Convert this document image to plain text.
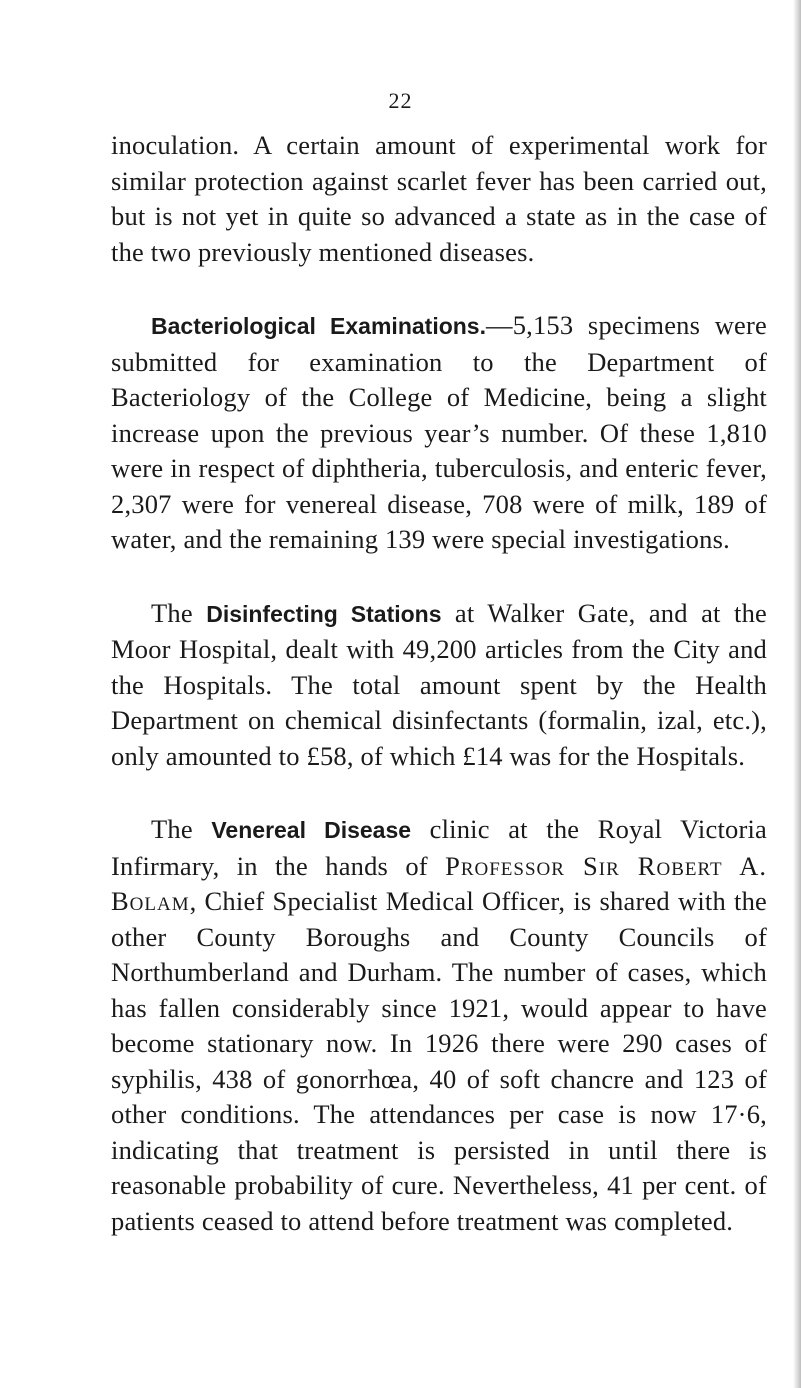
22

inoculation. A certain amount of experimental work for similar protection against scarlet fever has been carried out, but is not yet in quite so advanced a state as in the case of the two previously mentioned diseases.

Bacteriological Examinations.—5,153 specimens were submitted for examination to the Department of Bacteriology of the College of Medicine, being a slight increase upon the previous year’s number. Of these 1,810 were in respect of diphtheria, tuberculosis, and enteric fever, 2,307 were for venereal disease, 708 were of milk, 189 of water, and the remaining 139 were special investigations.

The Disinfecting Stations at Walker Gate, and at the Moor Hospital, dealt with 49,200 articles from the City and the Hospitals. The total amount spent by the Health Department on chemical disinfectants (formalin, izal, etc.), only amounted to £58, of which £14 was for the Hospitals.

The Venereal Disease clinic at the Royal Victoria Infirmary, in the hands of Professor Sir Robert A. Bolam, Chief Specialist Medical Officer, is shared with the other County Boroughs and County Councils of Northumberland and Durham. The number of cases, which has fallen considerably since 1921, would appear to have become stationary now. In 1926 there were 290 cases of syphilis, 438 of gonorrhœa, 40 of soft chancre and 123 of other conditions. The attendances per case is now 17·6, indicating that treatment is persisted in until there is reasonable probability of cure. Nevertheless, 41 per cent. of patients ceased to attend before treatment was completed.
